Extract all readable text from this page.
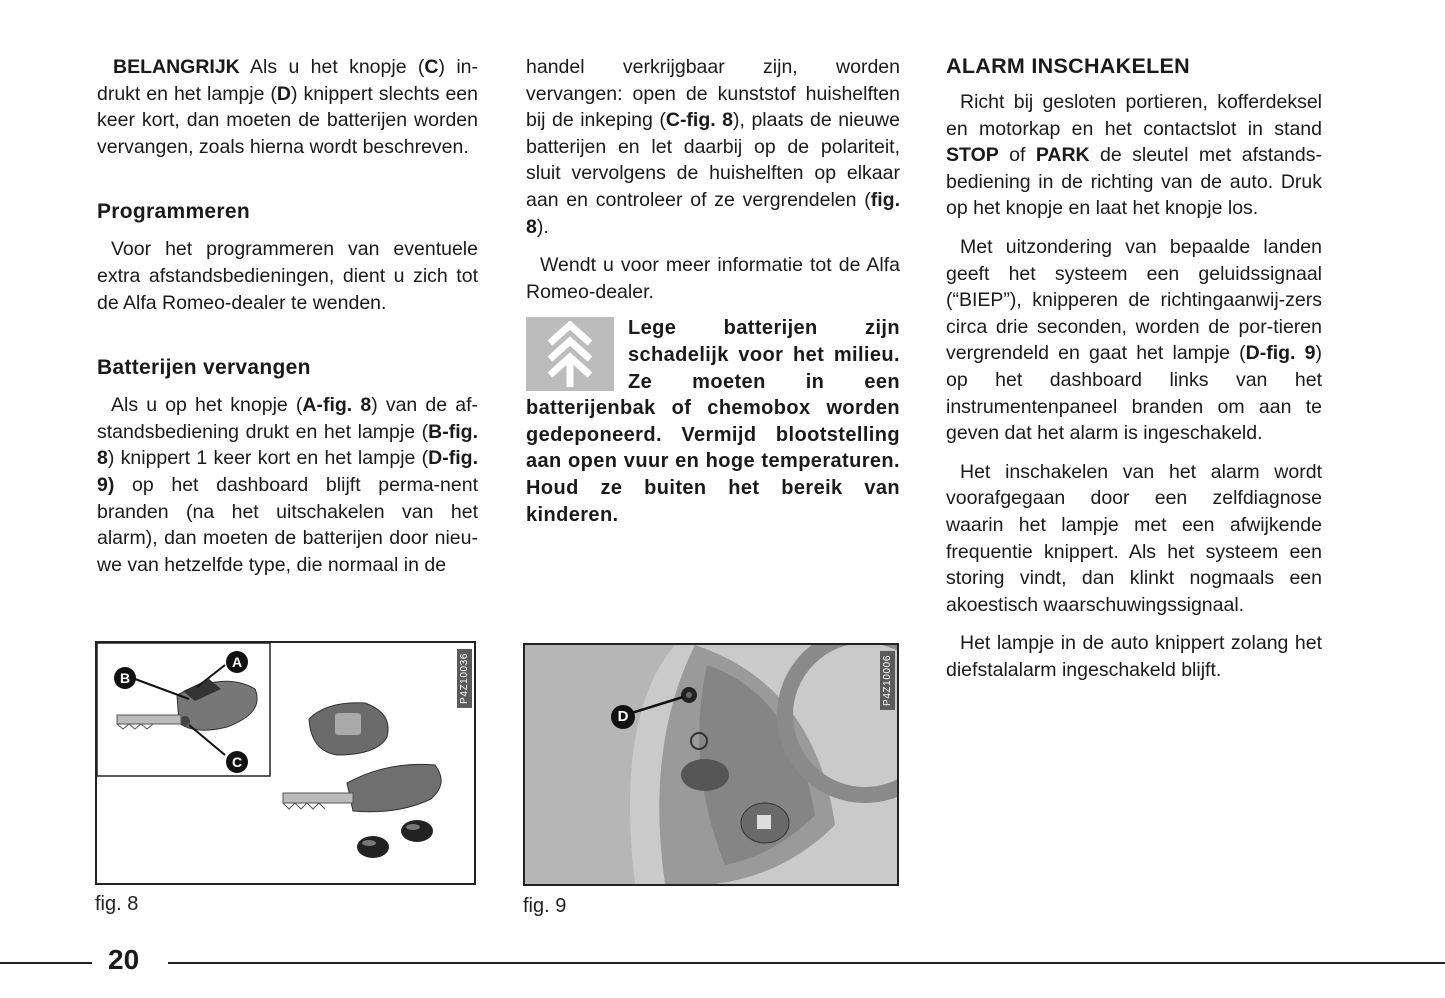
BELANGRIJK Als u het knopje (C) in-drukt en het lampje (D) knippert slechts een keer kort, dan moeten de batterijen worden vervangen, zoals hierna wordt beschreven.

Programmeren

Voor het programmeren van eventuele extra afstandsbedieningen, dient u zich tot de Alfa Romeo-dealer te wenden.

Batterijen vervangen

Als u op het knopje (A-fig. 8) van de af-standsbediening drukt en het lampje (B-fig. 8) knippert 1 keer kort en het lampje (D-fig. 9) op het dashboard blijft perma-nent branden (na het uitschakelen van het alarm), dan moeten de batterijen door nieu-we van hetzelfde type, die normaal in de

handel verkrijgbaar zijn, worden vervangen: open de kunststof huishelften bij de inkeping (C-fig. 8), plaats de nieuwe batterijen en let daarbij op de polariteit, sluit vervolgens de huishelften op elkaar aan en controleer of ze vergrendelen (fig. 8).

Wendt u voor meer informatie tot de Alfa Romeo-dealer.

Lege batterijen zijn schadelijk voor het milieu. Ze moeten in een batterijenbak of chemobox worden gedeponeerd. Vermijd blootstelling aan open vuur en hoge temperaturen. Houd ze buiten het bereik van kinderen.
ALARM INSCHAKELEN

Richt bij gesloten portieren, kofferdeksel en motorkap en het contactslot in stand STOP of PARK de sleutel met afstands-bediening in de richting van de auto. Druk op het knopje en laat het knopje los.

Met uitzondering van bepaalde landen geeft het systeem een geluidssignaal (“BIEP”), knipperen de richtingaanwij-zers circa drie seconden, worden de por-tieren vergrendeld en gaat het lampje (D-fig. 9) op het dashboard links van het instrumentenpaneel branden om aan te geven dat het alarm is ingeschakeld.

Het inschakelen van het alarm wordt voorafgegaan door een zelfdiagnose waarin het lampje met een afwijkende frequentie knippert. Als het systeem een storing vindt, dan klinkt nogmaals een akoestisch waarschuwingssignaal.

Het lampje in de auto knippert zolang het diefstalalarm ingeschakeld blijft.

B
A
C
P4Z10036
fig. 8
D
P4Z10006
fig. 9
20
